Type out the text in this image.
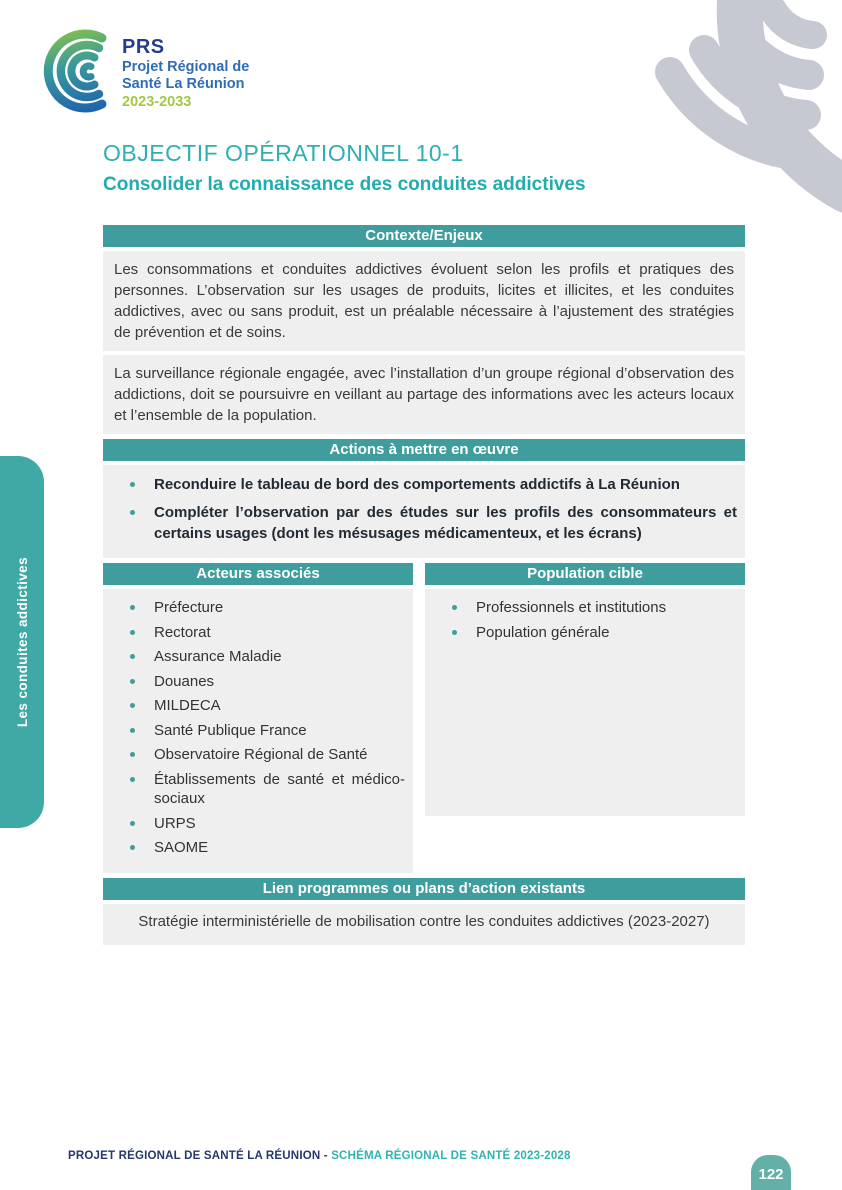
PRS
Projet Régional de
Santé La Réunion
2023-2033
Les conduites addictives
OBJECTIF OPÉRATIONNEL 10-1
Consolider la connaissance des conduites addictives
Contexte/Enjeux

Les consommations et conduites addictives évoluent selon les profils et pratiques des personnes. L’observation sur les usages de produits, licites et illicites, et les conduites addictives, avec ou sans produit, est un préalable nécessaire à l’ajustement des stratégies de prévention et de soins.

La surveillance régionale engagée, avec l’installation d’un groupe régional d’observation des addictions, doit se poursuivre en veillant au partage des informations avec les acteurs locaux et l’ensemble de la population.

Actions à mettre en œuvre
Reconduire le tableau de bord des comportements addictifs à La Réunion
Compléter l’observation par des études sur les profils des consommateurs et certains usages (dont les mésusages médicamenteux, et les écrans)
Acteurs associés
Préfecture
Rectorat
Assurance Maladie
Douanes
MILDECA
Santé Publique France
Observatoire Régional de Santé
Établissements de santé et médico-sociaux
URPS
SAOME
Population cible
Professionnels et institutions
Population générale
Lien programmes ou plans d’action existants
Stratégie interministérielle de mobilisation contre les conduites addictives (2023-2027)
PROJET RÉGIONAL DE SANTÉ LA RÉUNION - SCHÉMA RÉGIONAL DE SANTÉ 2023-2028
122
